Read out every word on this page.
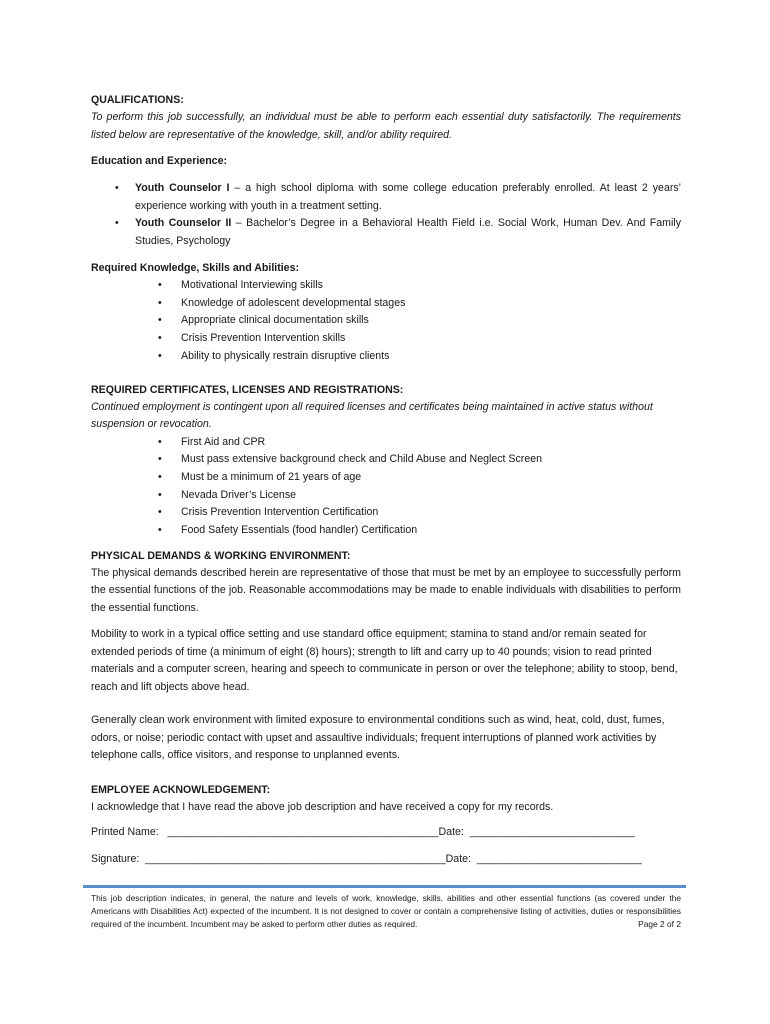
QUALIFICATIONS:

To perform this job successfully, an individual must be able to perform each essential duty satisfactorily. The requirements listed below are representative of the knowledge, skill, and/or ability required.

Education and Experience:

• Youth Counselor I – a high school diploma with some college education preferably enrolled. At least 2 years’ experience working with youth in a treatment setting.
• Youth Counselor II – Bachelor’s Degree in a Behavioral Health Field i.e. Social Work, Human Dev. And Family Studies, Psychology

Required Knowledge, Skills and Abilities:

• Motivational Interviewing skills
• Knowledge of adolescent developmental stages
• Appropriate clinical documentation skills
• Crisis Prevention Intervention skills
• Ability to physically restrain disruptive clients

REQUIRED CERTIFICATES, LICENSES AND REGISTRATIONS:

Continued employment is contingent upon all required licenses and certificates being maintained in active status without suspension or revocation.

• First Aid and CPR
• Must pass extensive background check and Child Abuse and Neglect Screen
• Must be a minimum of 21 years of age
• Nevada Driver’s License
• Crisis Prevention Intervention Certification
• Food Safety Essentials (food handler) Certification

PHYSICAL DEMANDS & WORKING ENVIRONMENT:

The physical demands described herein are representative of those that must be met by an employee to successfully perform the essential functions of the job. Reasonable accommodations may be made to enable individuals with disabilities to perform the essential functions.

Mobility to work in a typical office setting and use standard office equipment; stamina to stand and/or remain seated for extended periods of time (a minimum of eight (8) hours); strength to lift and carry up to 40 pounds; vision to read printed materials and a computer screen, hearing and speech to communicate in person or over the telephone; ability to stoop, bend, reach and lift objects above head.

Generally clean work environment with limited exposure to environmental conditions such as wind, heat, cold, dust, fumes, odors, or noise; periodic contact with upset and assaultive individuals; frequent interruptions of planned work activities by telephone calls, office visitors, and response to unplanned events.

EMPLOYEE ACKNOWLEDGEMENT:

I acknowledge that I have read the above job description and have received a copy for my records.

Printed Name:   ______________________________________________Date:  ____________________________

Signature:  ___________________________________________________Date:  ____________________________

This job description indicates, in general, the nature and levels of work, knowledge, skills, abilities and other essential functions (as covered under the Americans with Disabilities Act) expected of the incumbent. It is not designed to cover or contain a comprehensive listing of activities, duties or responsibilities required of the incumbent. Incumbent may be asked to perform other duties as required.	Page 2 of 2
